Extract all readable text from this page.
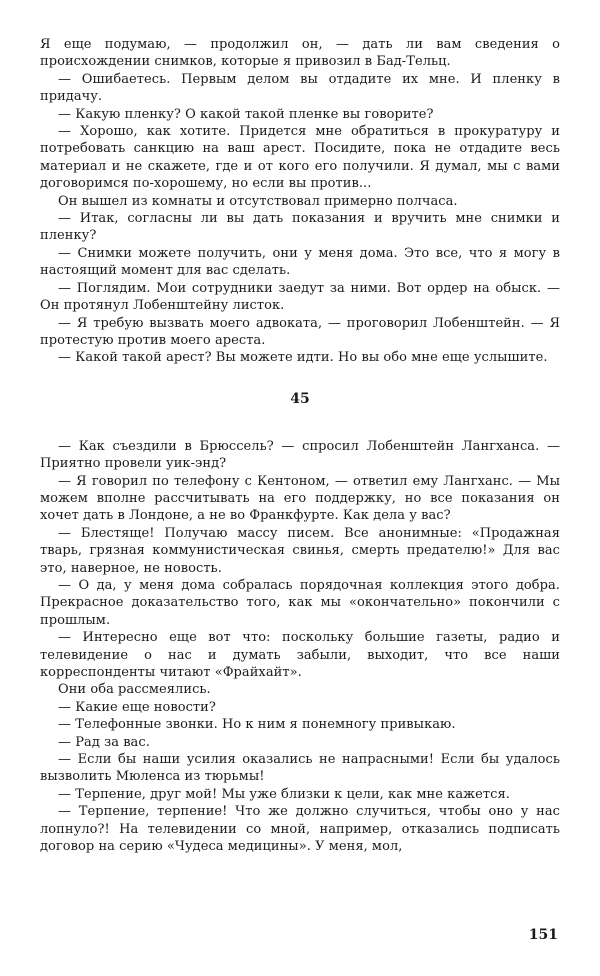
Я еще подумаю, — продолжил он, — дать ли вам сведения о происхождении снимков, которые я привозил в Бад-Тельц.

— Ошибаетесь. Первым делом вы отдадите их мне. И пленку в придачу.

— Какую пленку? О какой такой пленке вы говорите?

— Хорошо, как хотите. Придется мне обратиться в прокуратуру и потребовать санкцию на ваш арест. Посидите, пока не отдадите весь материал и не скажете, где и от кого его получили. Я думал, мы с вами договоримся по-хорошему, но если вы против...

Он вышел из комнаты и отсутствовал примерно полчаса.

— Итак, согласны ли вы дать показания и вручить мне снимки и пленку?

— Снимки можете получить, они у меня дома. Это все, что я могу в настоящий момент для вас сделать.

— Поглядим. Мои сотрудники заедут за ними. Вот ордер на обыск. — Он протянул Лобенштейну листок.

— Я требую вызвать моего адвоката, — проговорил Лобенштейн. — Я протестую против моего ареста.

— Какой такой арест? Вы можете идти. Но вы обо мне еще услышите.

45

— Как съездили в Брюссель? — спросил Лобенштейн Лангханса. — Приятно провели уик-энд?

— Я говорил по телефону с Кентоном, — ответил ему Лангханс. — Мы можем вполне рассчитывать на его поддержку, но все показания он хочет дать в Лондоне, а не во Франкфурте. Как дела у вас?

— Блестяще! Получаю массу писем. Все анонимные: «Продажная тварь, грязная коммунистическая свинья, смерть предателю!» Для вас это, наверное, не новость.

— О да, у меня дома собралась порядочная коллекция этого добра. Прекрасное доказательство того, как мы «окончательно» покончили с прошлым.

— Интересно еще вот что: поскольку большие газеты, радио и телевидение о нас и думать забыли, выходит, что все наши корреспонденты читают «Фрайхайт».

Они оба рассмеялись.

— Какие еще новости?

— Телефонные звонки. Но к ним я понемногу привыкаю.

— Рад за вас.

— Если бы наши усилия оказались не напрасными! Если бы удалось вызволить Мюленса из тюрьмы!

— Терпение, друг мой! Мы уже близки к цели, как мне кажется.

— Терпение, терпение! Что же должно случиться, чтобы оно у нас лопнуло?! На телевидении со мной, например, отказались подписать договор на серию «Чудеса медицины». У меня, мол,

151
